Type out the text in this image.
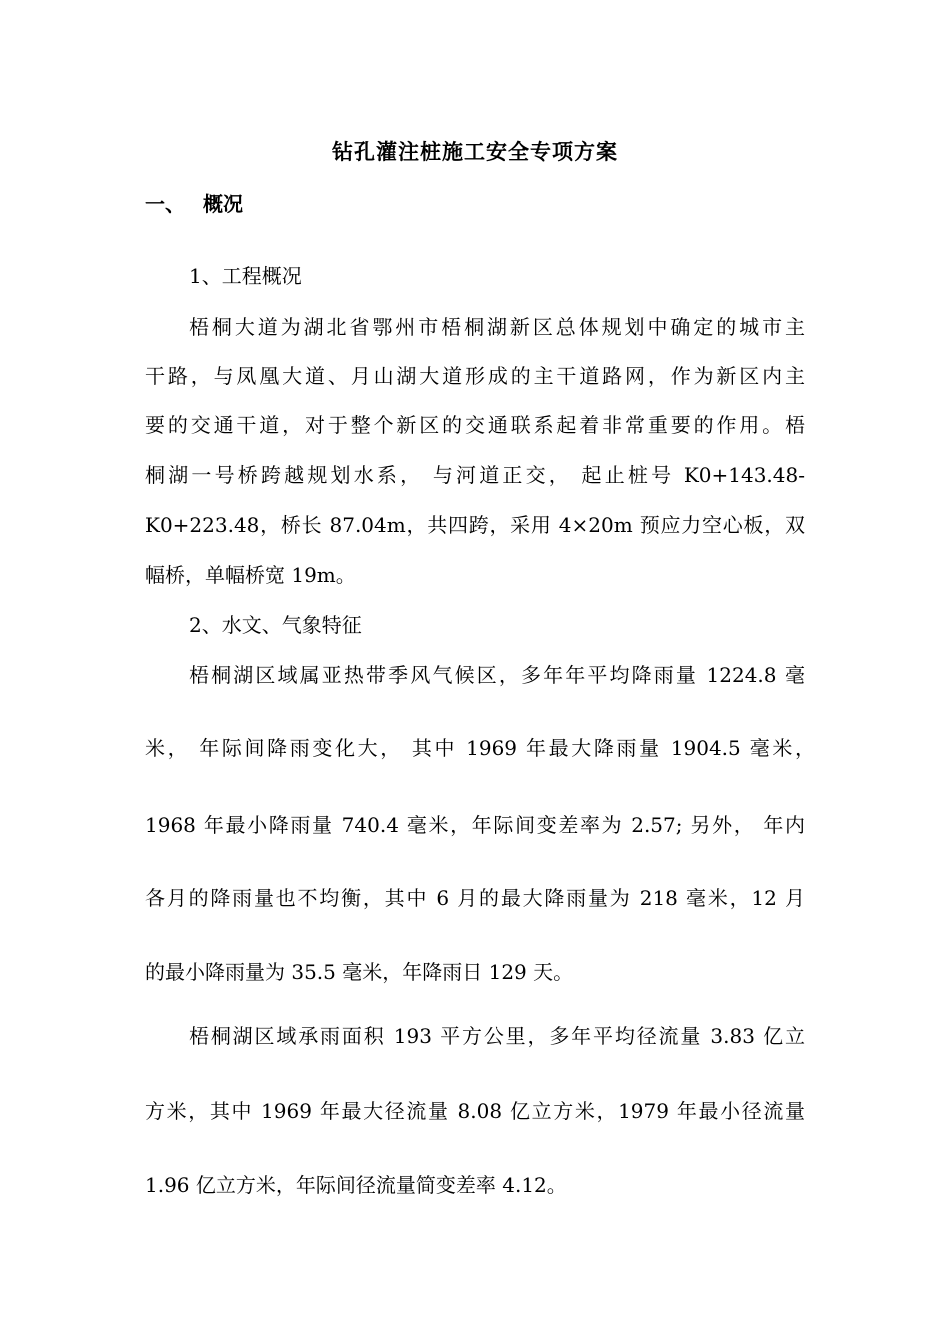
钻孔灌注桩施工安全专项方案
一、 概况

1、工程概况

梧桐大道为湖北省鄂州市梧桐湖新区总体规划中确定的城市主

干路，与凤凰大道、月山湖大道形成的主干道路网，作为新区内主

要的交通干道，对于整个新区的交通联系起着非常重要的作用。梧

桐湖一号桥跨越规划水系， 与河道正交， 起止桩号 K0+143.48-

K0+223.48，桥长 87.04m，共四跨，采用 4×20m 预应力空心板，双

幅桥，单幅桥宽 19m。

2、水文、气象特征

梧桐湖区域属亚热带季风气候区，多年年平均降雨量 1224.8 毫

米， 年际间降雨变化大， 其中 1969 年最大降雨量 1904.5 毫米，

1968 年最小降雨量 740.4 毫米，年际间变差率为 2.57; 另外， 年内

各月的降雨量也不均衡，其中 6 月的最大降雨量为 218 毫米，12 月

的最小降雨量为 35.5 毫米，年降雨日 129 天。

梧桐湖区域承雨面积 193 平方公里，多年平均径流量 3.83 亿立

方米，其中 1969 年最大径流量 8.08 亿立方米，1979 年最小径流量

1.96 亿立方米，年际间径流量简变差率 4.12。
